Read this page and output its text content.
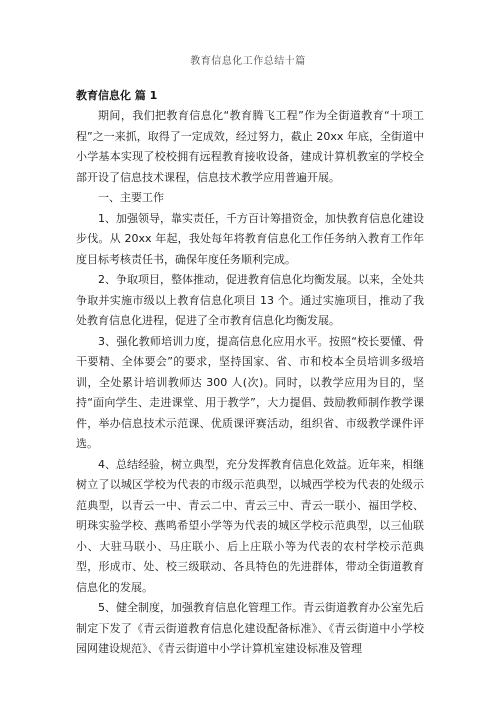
教育信息化工作总结十篇

教育信息化 篇 1

期间，我们把教育信息化“教育腾飞工程”作为全街道教育“十项工程”之一来抓，取得了一定成效，经过努力，截止 20xx 年底，全街道中小学基本实现了校校拥有远程教育接收设备，建成计算机教室的学校全部开设了信息技术课程，信息技术教学应用普遍开展。

一、主要工作

1、加强领导，靠实责任，千方百计筹措资金，加快教育信息化建设步伐。从 20xx 年起，我处每年将教育信息化工作任务纳入教育工作年度目标考核责任书，确保年度任务顺利完成。

2、争取项目，整体推动，促进教育信息化均衡发展。以来，全处共争取并实施市级以上教育信息化项目 13 个。通过实施项目，推动了我处教育信息化进程，促进了全市教育信息化均衡发展。

3、强化教师培训力度，提高信息化应用水平。按照“校长要懂、骨干要精、全体要会”的要求，坚持国家、省、市和校本全员培训多级培训，全处累计培训教师达 300 人(次)。同时，以教学应用为目的，坚持“面向学生、走进课堂、用于教学”，大力提倡、鼓励教师制作教学课件，举办信息技术示范课、优质课评赛活动，组织省、市级教学课件评选。

4、总结经验，树立典型，充分发挥教育信息化效益。近年来，相继树立了以城区学校为代表的市级示范典型，以城西学校为代表的处级示范典型，以青云一中、青云二中、青云三中、青云一联小、福田学校、明珠实验学校、燕鸣希望小学等为代表的城区学校示范典型，以三仙联小、大驻马联小、马庄联小、后上庄联小等为代表的农村学校示范典型，形成市、处、校三级联动、各具特色的先进群体，带动全街道教育信息化的发展。

5、健全制度，加强教育信息化管理工作。青云街道教育办公室先后制定下发了《青云街道教育信息化建设配备标准》、《青云街道中小学校园网建设规范》、《青云街道中小学计算机室建设标准及管理
